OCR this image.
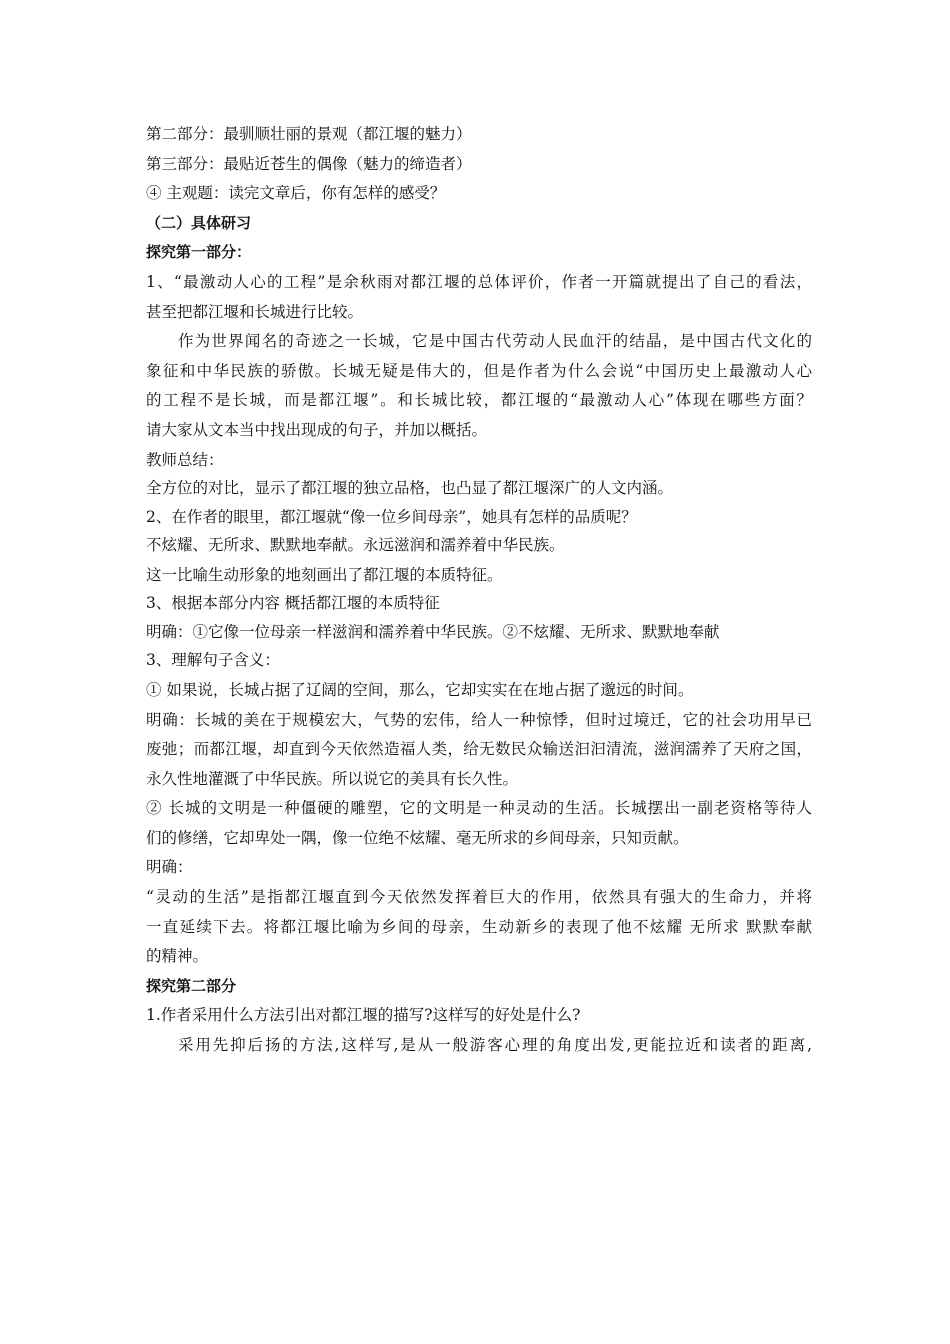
第二部分：最驯顺壮丽的景观（都江堰的魅力）
第三部分：最贴近苍生的偶像（魅力的缔造者）
④ 主观题：读完文章后，你有怎样的感受？
（二）具体研习
探究第一部分：
1、“最激动人心的工程”是余秋雨对都江堰的总体评价，作者一开篇就提出了自己的看法，
甚至把都江堰和长城进行比较。
作为世界闻名的奇迹之一长城，它是中国古代劳动人民血汗的结晶，是中国古代文化的
象征和中华民族的骄傲。长城无疑是伟大的，但是作者为什么会说“中国历史上最激动人心
的工程不是长城，而是都江堰”。和长城比较，都江堰的“最激动人心”体现在哪些方面？
请大家从文本当中找出现成的句子，并加以概括。
教师总结：
全方位的对比，显示了都江堰的独立品格，也凸显了都江堰深广的人文内涵。
2、在作者的眼里，都江堰就“像一位乡间母亲”，她具有怎样的品质呢？
不炫耀、无所求、默默地奉献。永远滋润和濡养着中华民族。
这一比喻生动形象的地刻画出了都江堰的本质特征。
3、根据本部分内容 概括都江堰的本质特征
明确：①它像一位母亲一样滋润和濡养着中华民族。②不炫耀、无所求、默默地奉献
3、理解句子含义：
① 如果说，长城占据了辽阔的空间，那么，它却实实在在地占据了邈远的时间。
明确：长城的美在于规模宏大，气势的宏伟，给人一种惊悸，但时过境迁，它的社会功用早已
废弛；而都江堰，却直到今天依然造福人类，给无数民众输送汩汩清流，滋润濡养了天府之国，
永久性地灌溉了中华民族。所以说它的美具有长久性。
② 长城的文明是一种僵硬的雕塑，它的文明是一种灵动的生活。长城摆出一副老资格等待人
们的修缮，它却卑处一隅，像一位绝不炫耀、毫无所求的乡间母亲，只知贡献。
明确：
“灵动的生活”是指都江堰直到今天依然发挥着巨大的作用，依然具有强大的生命力，并将
一直延续下去。将都江堰比喻为乡间的母亲，生动新乡的表现了他不炫耀 无所求 默默奉献
的精神。
探究第二部分
1.作者采用什么方法引出对都江堰的描写?这样写的好处是什么?
采用先抑后扬的方法,这样写,是从一般游客心理的角度出发,更能拉近和读者的距离,
